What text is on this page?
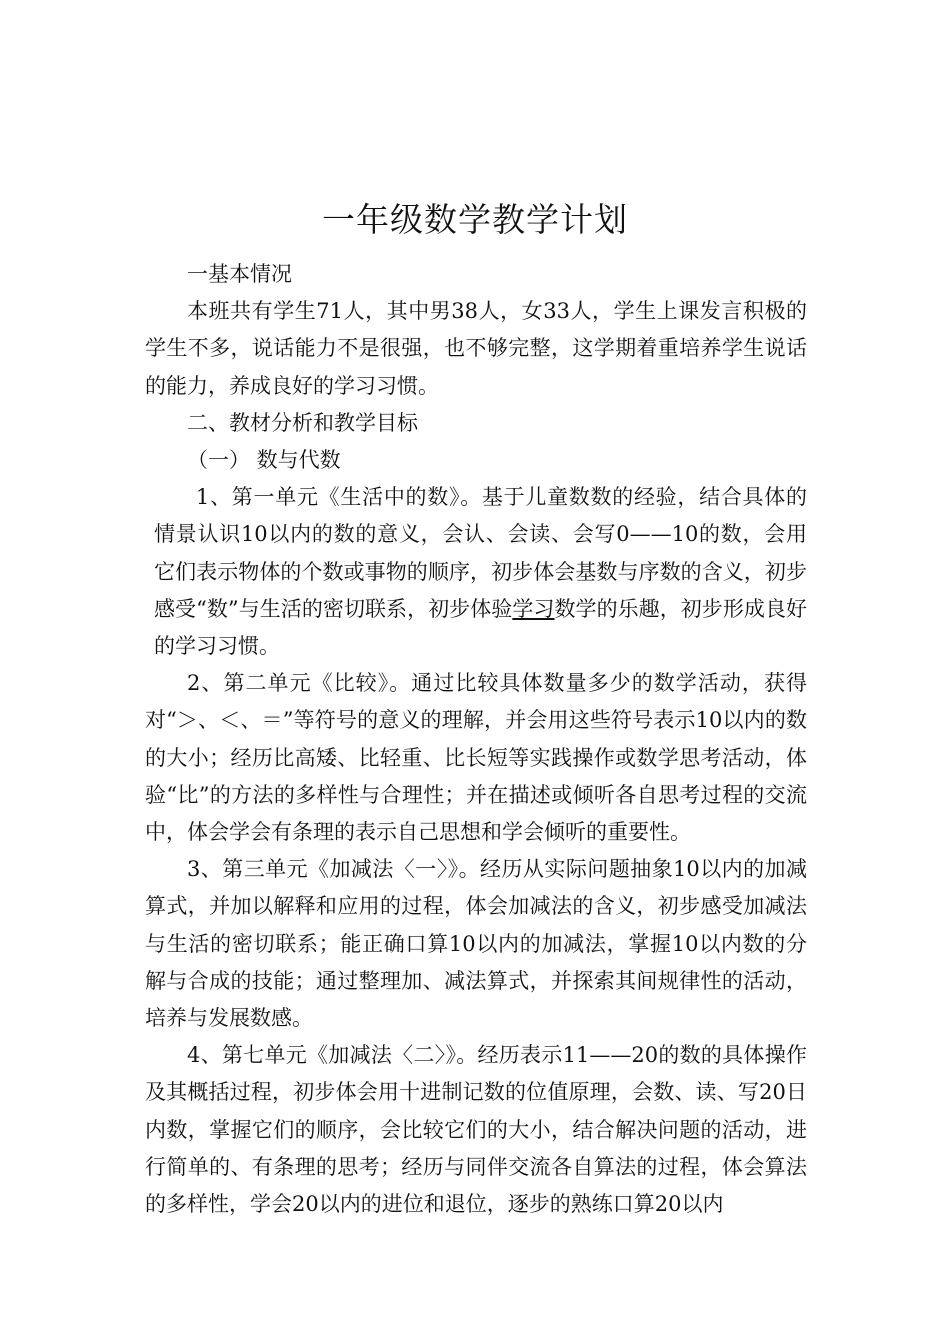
一年级数学教学计划

一基本情况

本班共有学生71人，其中男38人，女33人，学生上课发言积极的学生不多，说话能力不是很强，也不够完整，这学期着重培养学生说话的能力，养成良好的学习习惯。

二、教材分析和教学目标

（一） 数与代数

1、第一单元《生活中的数》。基于儿童数数的经验，结合具体的情景认识10以内的数的意义，会认、会读、会写0——10的数，会用它们表示物体的个数或事物的顺序，初步体会基数与序数的含义，初步感受“数”与生活的密切联系，初步体验学习数学的乐趣，初步形成良好的学习习惯。

2、第二单元《比较》。通过比较具体数量多少的数学活动，获得对“＞、＜、＝”等符号的意义的理解，并会用这些符号表示10以内的数的大小；经历比高矮、比轻重、比长短等实践操作或数学思考活动，体验“比”的方法的多样性与合理性；并在描述或倾听各自思考过程的交流中，体会学会有条理的表示自己思想和学会倾听的重要性。

3、第三单元《加减法〈一〉》。经历从实际问题抽象10以内的加减算式，并加以解释和应用的过程，体会加减法的含义，初步感受加减法与生活的密切联系；能正确口算10以内的加减法，掌握10以内数的分解与合成的技能；通过整理加、减法算式，并探索其间规律性的活动，培养与发展数感。

4、第七单元《加减法〈二〉》。经历表示11——20的数的具体操作及其概括过程，初步体会用十进制记数的位值原理，会数、读、写20日内数，掌握它们的顺序，会比较它们的大小，结合解决问题的活动，进行简单的、有条理的思考；经历与同伴交流各自算法的过程，体会算法的多样性，学会20以内的进位和退位，逐步的熟练口算20以内
